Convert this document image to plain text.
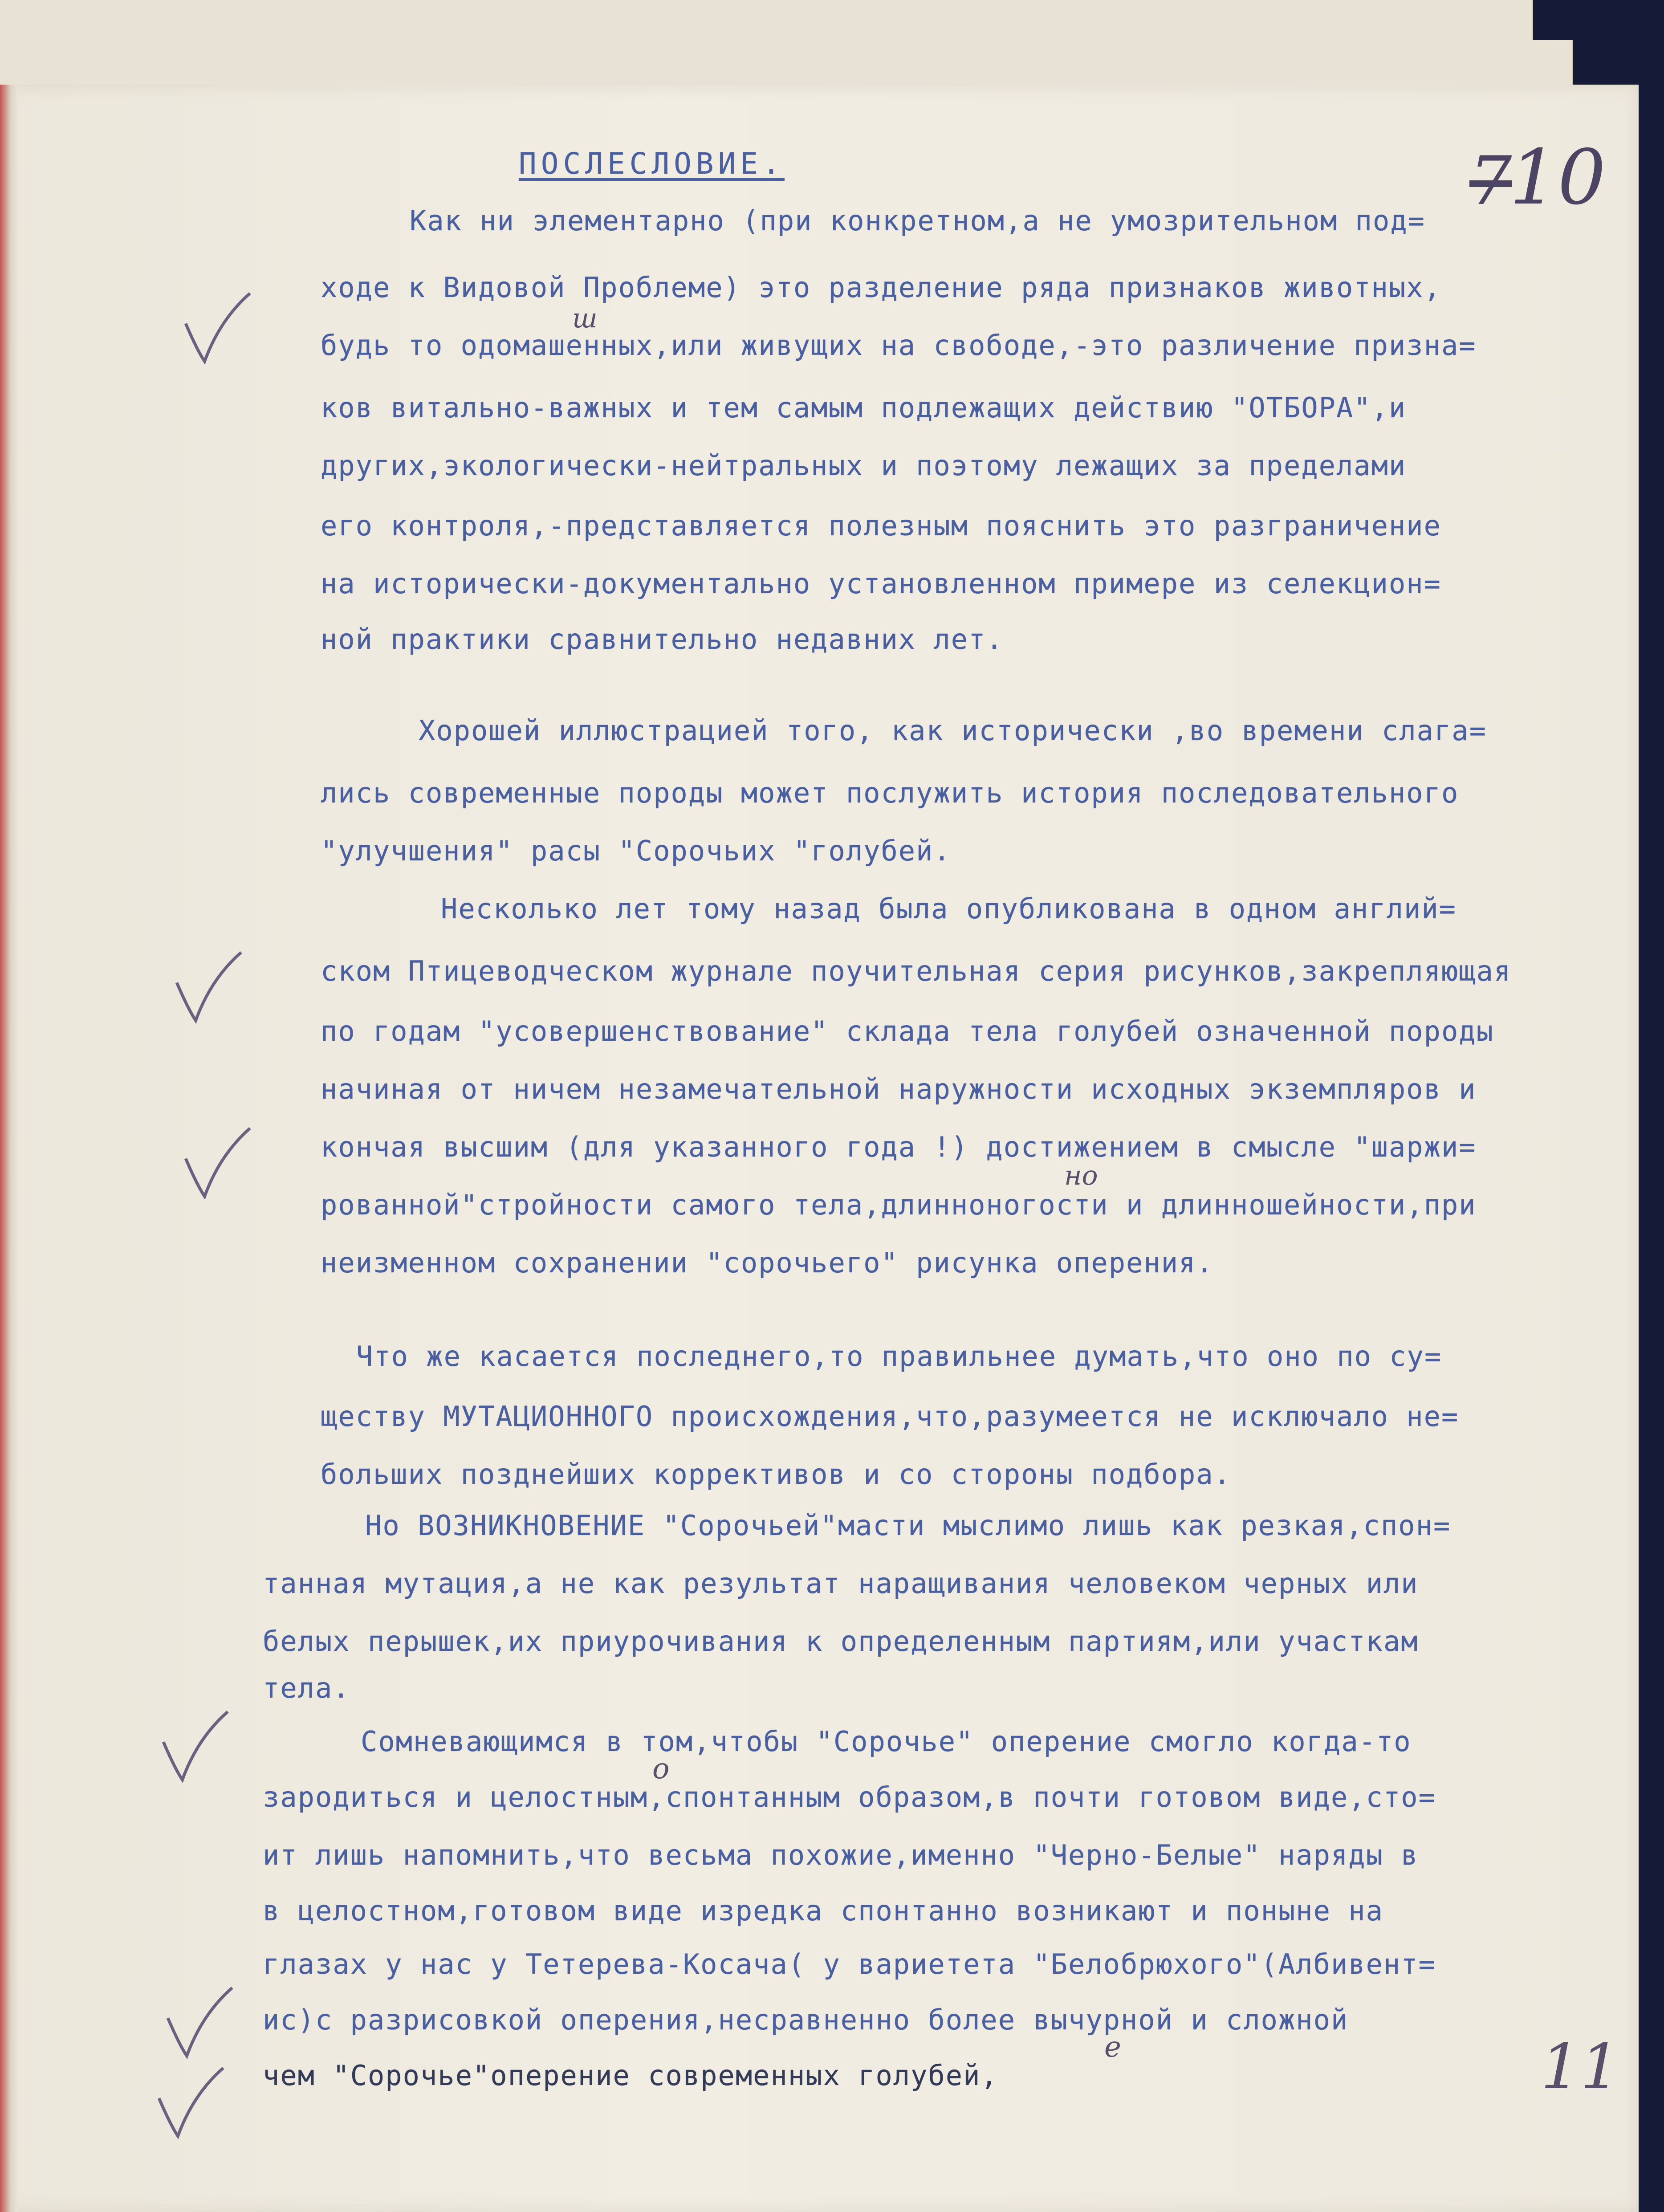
7
10
ПОСЛЕСЛОВИЕ.
Как ни элементарно (при конкретном,а не умозрительном под=
ходе к Видовой Проблеме) это разделение ряда признаков животных,
будь то одомашенных,или живущих на свободе,-это различение призна=
ков витально-важных и тем самым подлежащих действию "ОТБОРА",и
других,экологически-нейтральных и поэтому лежащих за пределами
его контроля,-представляется полезным пояснить это разграничение
на исторически-документально установленном примере из селекцион=
ной практики сравнительно недавних лет.
Хорошей иллюстрацией того, как исторически ,во времени слага=
лись современные породы может послужить история последовательного
"улучшения" расы "Сорочьих "голубей.
Несколько лет тому назад была опубликована в одном англий=
ском Птицеводческом журнале поучительная серия рисунков,закрепляющая
по годам "усовершенствование" склада тела голубей означенной породы
начиная от ничем незамечательной наружности исходных экземпляров и
кончая высшим (для указанного года !) достижением в смысле "шаржи=
рованной"стройности самого тела,длинноногости и длинношейности,при
неизменном сохранении "сорочьего" рисунка оперения.
Что же касается последнего,то правильнее думать,что оно по су=
ществу МУТАЦИОННОГО происхождения,что,разумеется не исключало не=
больших позднейших коррективов и со стороны подбора.
Но ВОЗНИКНОВЕНИЕ "Сорочьей"масти мыслимо лишь как резкая,спон=
танная мутация,а не как результат наращивания человеком черных или
белых перышек,их приурочивания к определенным партиям,или участкам
тела.
Сомневающимся в том,чтобы "Сорочье" оперение смогло когда-то
зародиться и целостным,спонтанным образом,в почти готовом виде,сто=
ит лишь напомнить,что весьма похожие,именно "Черно-Белые" наряды в
в целостном,готовом виде изредка спонтанно возникают и поныне на
глазах у нас у Тетерева-Косача( у вариетета "Белобрюхого"(Албивент=
ис)с разрисовкой оперения,несравненно более вычурной и сложной
чем "Сорочье"оперение современных голубей,
ш
но
о
е	11
